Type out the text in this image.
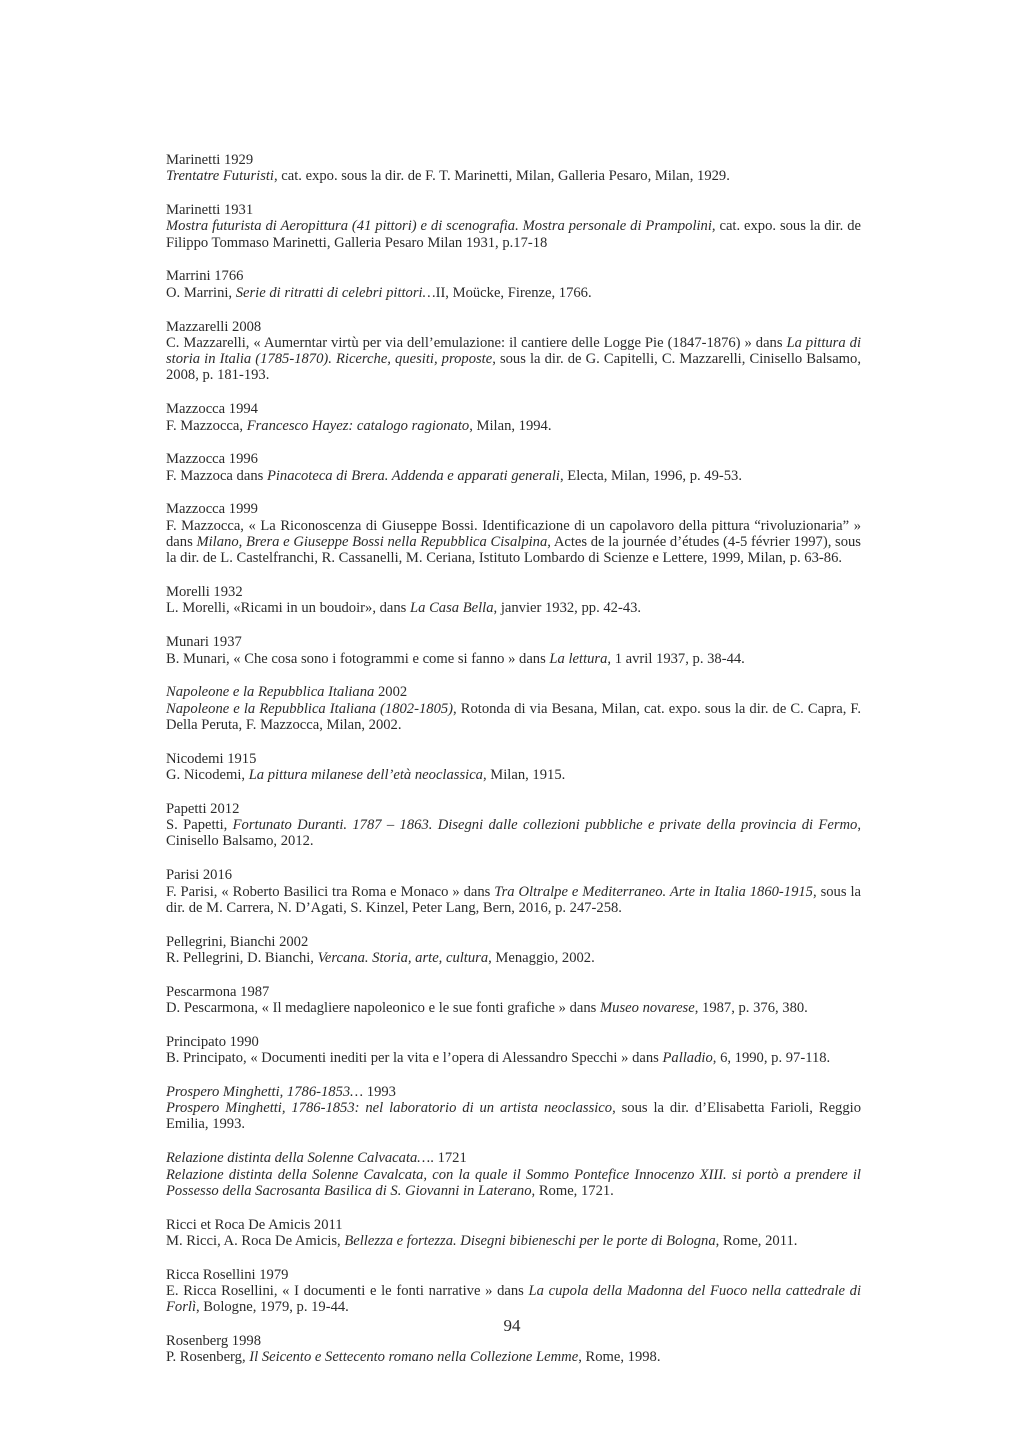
Marinetti 1929

Trentatre Futuristi, cat. expo. sous la dir. de F. T. Marinetti, Milan, Galleria Pesaro, Milan, 1929.

Marinetti 1931

Mostra futurista di Aeropittura (41 pittori) e di scenografia. Mostra personale di Prampolini, cat. expo. sous la dir. de Filippo Tommaso Marinetti, Galleria Pesaro Milan 1931, p.17-18

Marrini 1766

O. Marrini, Serie di ritratti di celebri pittori…II, Moücke, Firenze, 1766.

Mazzarelli 2008

C. Mazzarelli, « Aumerntar virtù per via dell’emulazione: il cantiere delle Logge Pie (1847-1876) » dans La pittura di storia in Italia (1785-1870). Ricerche, quesiti, proposte, sous la dir. de G. Capitelli, C. Mazzarelli, Cinisello Balsamo, 2008, p. 181-193.

Mazzocca 1994

F. Mazzocca, Francesco Hayez: catalogo ragionato, Milan, 1994.

Mazzocca 1996

F. Mazzoca dans Pinacoteca di Brera. Addenda e apparati generali, Electa, Milan, 1996, p. 49-53.

Mazzocca 1999

F. Mazzocca, « La Riconoscenza di Giuseppe Bossi. Identificazione di un capolavoro della pittura “rivoluzionaria” » dans Milano, Brera e Giuseppe Bossi nella Repubblica Cisalpina, Actes de la journée d’études (4-5 février 1997), sous la dir. de L. Castelfranchi, R. Cassanelli, M. Ceriana, Istituto Lombardo di Scienze e Lettere, 1999, Milan, p. 63-86.

Morelli 1932

L. Morelli, «Ricami in un boudoir», dans La Casa Bella, janvier 1932, pp. 42-43.

Munari 1937

B. Munari, « Che cosa sono i fotogrammi e come si fanno » dans La lettura, 1 avril 1937, p. 38-44.

Napoleone e la Repubblica Italiana 2002

Napoleone e la Repubblica Italiana (1802-1805), Rotonda di via Besana, Milan, cat. expo. sous la dir. de C. Capra, F. Della Peruta, F. Mazzocca, Milan, 2002.

Nicodemi 1915

G. Nicodemi, La pittura milanese dell’età neoclassica, Milan, 1915.

Papetti 2012

S. Papetti, Fortunato Duranti. 1787 – 1863. Disegni dalle collezioni pubbliche e private della provincia di Fermo, Cinisello Balsamo, 2012.

Parisi 2016

F. Parisi, « Roberto Basilici tra Roma e Monaco » dans Tra Oltralpe e Mediterraneo. Arte in Italia 1860-1915, sous la dir. de M. Carrera, N. D’Agati, S. Kinzel, Peter Lang, Bern, 2016, p. 247-258.

Pellegrini, Bianchi 2002

R. Pellegrini, D. Bianchi, Vercana. Storia, arte, cultura, Menaggio, 2002.

Pescarmona 1987

D. Pescarmona, « Il medagliere napoleonico e le sue fonti grafiche » dans Museo novarese, 1987, p. 376, 380.

Principato 1990

B. Principato, « Documenti inediti per la vita e l’opera di Alessandro Specchi » dans Palladio, 6, 1990, p. 97-118.

Prospero Minghetti, 1786-1853… 1993

Prospero Minghetti, 1786-1853: nel laboratorio di un artista neoclassico, sous la dir. d’Elisabetta Farioli, Reggio Emilia, 1993.

Relazione distinta della Solenne Calvacata…. 1721

Relazione distinta della Solenne Cavalcata, con la quale il Sommo Pontefice Innocenzo XIII. si portò a prendere il Possesso della Sacrosanta Basilica di S. Giovanni in Laterano, Rome, 1721.

Ricci et Roca De Amicis 2011

M. Ricci, A. Roca De Amicis, Bellezza e fortezza. Disegni bibieneschi per le porte di Bologna, Rome, 2011.

Ricca Rosellini 1979

E. Ricca Rosellini, « I documenti e le fonti narrative » dans La cupola della Madonna del Fuoco nella cattedrale di Forlì, Bologne, 1979, p. 19-44.

Rosenberg 1998

P. Rosenberg, Il Seicento e Settecento romano nella Collezione Lemme, Rome, 1998.

94
